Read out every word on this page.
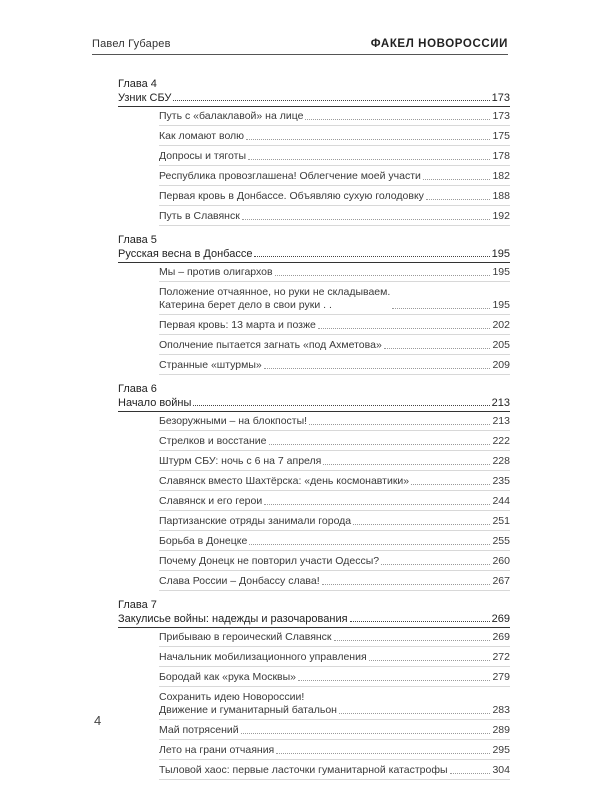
Павел Губарев	ФАКЕЛ НОВОРОССИИ
Глава 4
Узник СБУ	173
Путь с «балаклавой» на лице	173
Как ломают волю	175
Допросы и тяготы	178
Республика провозглашена! Облегчение моей участи	182
Первая кровь в Донбассе. Объявляю сухую голодовку	188
Путь в Славянск	192
Глава 5
Русская весна в Донбассе	195
Мы – против олигархов	195
Положение отчаянное, но руки не складываем.
Катерина берет дело в свои руки . .	195
Первая кровь: 13 марта и позже	202
Ополчение пытается загнать «под Ахметова»	205
Странные «штурмы»	209
Глава 6
Начало войны	213
Безоружными – на блокпосты!	213
Стрелков и восстание	222
Штурм СБУ: ночь с 6 на 7 апреля	228
Славянск вместо Шахтёрска: «день космонавтики»	235
Славянск и его герои	244
Партизанские отряды занимали города	251
Борьба в Донецке	255
Почему Донецк не повторил участи Одессы?	260
Слава России – Донбассу слава!	267
Глава 7
Закулисье войны: надежды и разочарования	269
Прибываю в героический Славянск	269
Начальник мобилизационного управления	272
Бородай как «рука Москвы»	279
Сохранить идею Новороссии!
Движение и гуманитарный батальон	283
Май потрясений	289
Лето на грани отчаяния	295
Тыловой хаос: первые ласточки гуманитарной катастрофы	304
4
